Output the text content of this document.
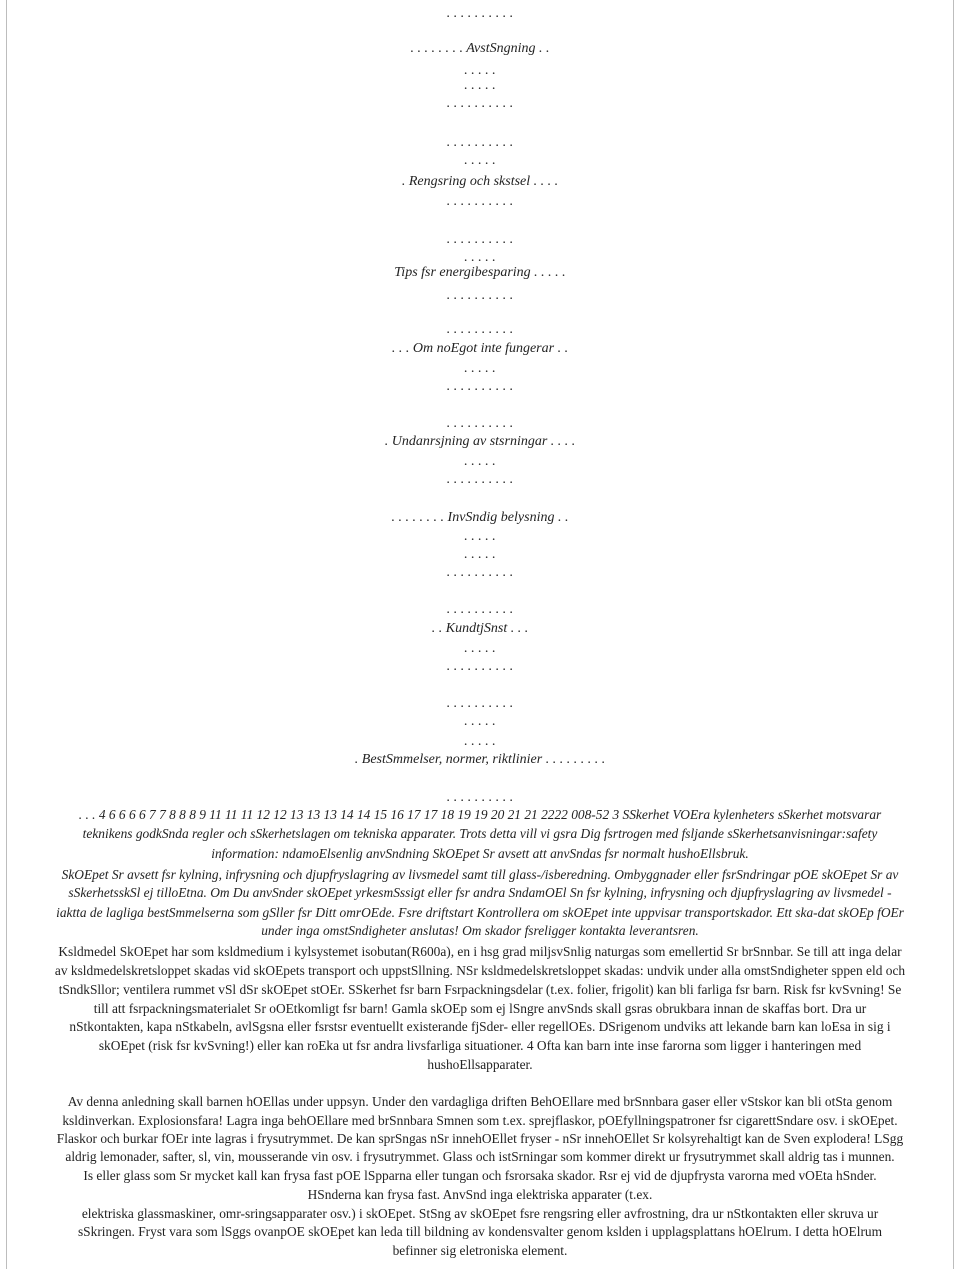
. . . . . . . . . .
. . . . . . . . AvstSngning . .
. . . . .
. . . . .
. . . . . . . . . .
. . . . . . . . . .
. . . . .
. Rengsring och skstsel . . . .
. . . . . . . . . .
. . . . . . . . . .
. . . . .
Tips fsr energibesparing . . . . .
. . . . . . . . . .
. . . . . . . . . .
. . . Om noEgot inte fungerar . .
. . . . .
. . . . . . . . . .
. . . . . . . . . .
. Undanrsjning av stsrningar . . . .
. . . . .
. . . . . . . . . .
. . . . . . . . InvSndig belysning . .
. . . . .
. . . . .
. . . . . . . . . .
. . . . . . . . . .
. . KundtjSnst . . .
. . . . .
. . . . . . . . . .
. . . . . . . . . .
. . . . .
. . . . .
. BestSmmelser, normer, riktlinier . . . . . . . . .
. . . . . . . . . .
. . . 4 6 6 6 6 7 7 8 8 8 9 11 11 11 12 12 13 13 13 14 14 15 16 17 17 18 19 19 20 21 21 2222 008-52 3 SSkerhet VOEra kylenheters sSkerhet motsvarar
teknikens godkSnda regler och sSkerhetslagen om tekniska apparater. Trots detta vill vi gsra Dig fsrtrogen med fsljande sSkerhetsanvisningar:safety
information: ndamoElsenlig anvSndning SkOEpet Sr avsett att anvSndas fsr normalt hushoEllsbruk.
SkOEpet Sr avsett fsr kylning, infrysning och djupfryslagring av livsmedel samt till glass-/isberedning. Ombyggnader eller fsrSndringar pOE skOEpet Sr av
sSkerhetsskSl ej tilloEtna. Om Du anvSnder skOEpet yrkesmSssigt eller fsr andra SndamOEl Sn fsr kylning, infrysning och djupfryslagring av livsmedel -
iaktta de lagliga bestSmmelserna som gSller fsr Ditt omrOEde. Fsre driftstart Kontrollera om skOEpet inte uppvisar transportskador. Ett ska-dat skOEp fOEr
under inga omstSndigheter anslutas! Om skador fsreligger kontakta leverantsren.
Ksldmedel SkOEpet har som ksldmedium i kylsystemet isobutan(R600a), en i hsg grad miljsvSnlig naturgas som emellertid Sr brSnnbar. Se till att inga delar
av ksldmedelskretsloppet skadas vid skOEpets transport och uppstSllning. NSr ksldmedelskretsloppet skadas: undvik under alla omstSndigheter sppen eld och
tSndkSllor; ventilera rummet vSl dSr skOEpet stOEr. SSkerhet fsr barn Fsrpackningsdelar (t.ex. folier, frigolit) kan bli farliga fsr barn. Risk fsr kvSvning! Se
till att fsrpackningsmaterialet Sr oOEtkomligt fsr barn! Gamla skOEp som ej lSngre anvSnds skall gsras obrukbara innan de skaffas bort. Dra ur
nStkontakten, kapa nStkabeln, avlSgsna eller fsrstsr eventuellt existerande fjSder- eller regellOEs. DSrigenom undviks att lekande barn kan loEsa in sig i
skOEpet (risk fsr kvSvning!) eller kan roEka ut fsr andra livsfarliga situationer. 4 Ofta kan barn inte inse farorna som ligger i hanteringen med
hushoEllsapparater.
Av denna anledning skall barnen hOEllas under uppsyn. Under den vardagliga driften BehOEllare med brSnnbara gaser eller vStskor kan bli otSta genom
ksldinverkan. Explosionsfara! Lagra inga behOEllare med brSnnbara Smnen som t.ex. sprejflaskor, pOEfyllningspatroner fsr cigarettSndare osv. i skOEpet.
Flaskor och burkar fOEr inte lagras i frysutrymmet. De kan sprSngas nSr innehOEllet fryser - nSr innehOEllet Sr kolsyrehaltigt kan de Sven explodera! LSgg
aldrig lemonader, safter, sl, vin, mousserande vin osv. i frysutrymmet. Glass och istSrningar som kommer direkt ur frysutrymmet skall aldrig tas i munnen.
Is eller glass som Sr mycket kall kan frysa fast pOE lSpparna eller tungan och fsrorsaka skador. Rsr ej vid de djupfrysta varorna med vOEta hSnder.
HSnderna kan frysa fast. AnvSnd inga elektriska apparater (t.ex.
elektriska glassmaskiner, omr-sringsapparater osv.) i skOEpet. StSng av skOEpet fsre rengsring eller avfrostning, dra ur nStkontakten eller skruva ur
sSkringen. Fryst vara som lSggs ovanpOE skOEpet kan leda till bildning av kondensvalter genom kslden i upplagsplattans hOElrum. I detta hOElrum
befinner sig eletroniska element.
